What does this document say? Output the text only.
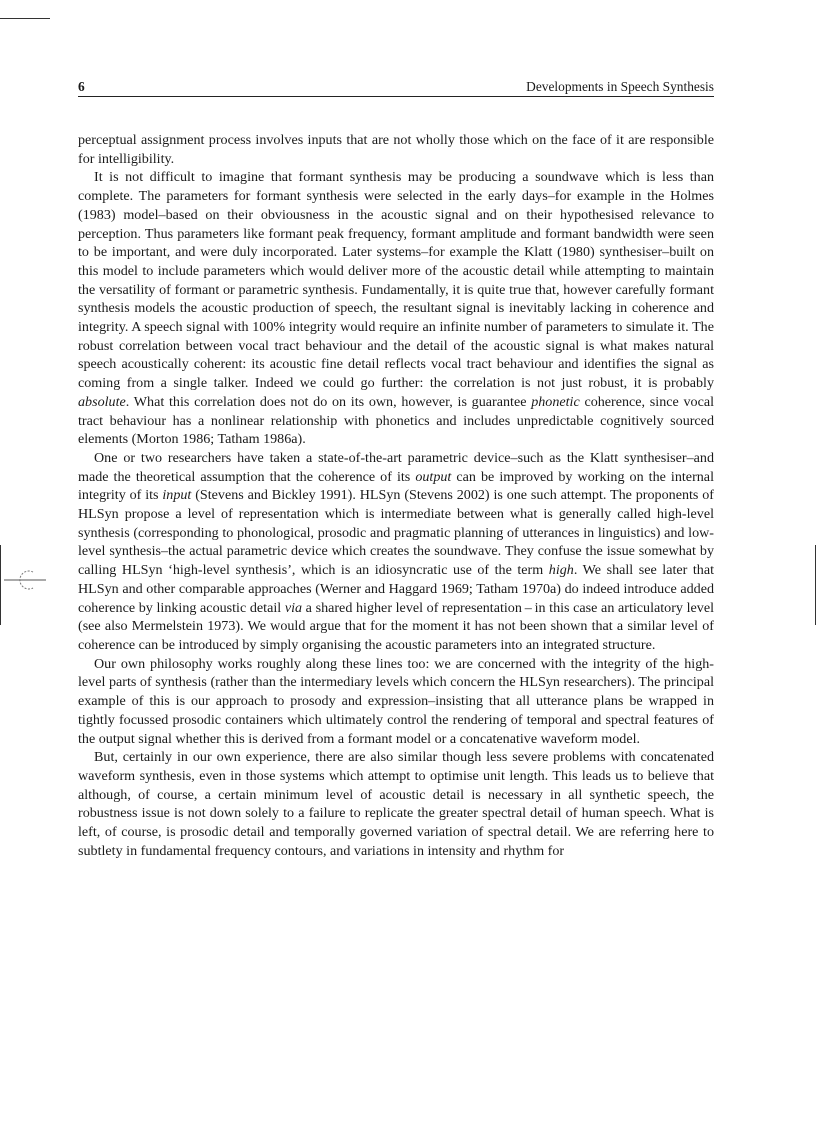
6	Developments in Speech Synthesis

perceptual assignment process involves inputs that are not wholly those which on the face of it are responsible for intelligibility.

It is not difficult to imagine that formant synthesis may be producing a soundwave which is less than complete. The parameters for formant synthesis were selected in the early days–for example in the Holmes (1983) model–based on their obviousness in the acoustic signal and on their hypothesised relevance to perception. Thus parameters like formant peak frequency, formant amplitude and formant bandwidth were seen to be important, and were duly incorporated. Later systems–for example the Klatt (1980) synthesiser–built on this model to include parameters which would deliver more of the acoustic detail while attempting to maintain the versatility of formant or parametric synthesis. Fundamentally, it is quite true that, however carefully formant synthesis models the acoustic production of speech, the resultant signal is inevitably lacking in coherence and integrity. A speech signal with 100% integrity would require an infinite number of parameters to simulate it. The robust correlation between vocal tract behaviour and the detail of the acoustic signal is what makes natural speech acoustically coherent: its acoustic fine detail reflects vocal tract behaviour and identifies the signal as coming from a single talker. Indeed we could go further: the correlation is not just robust, it is probably absolute. What this correlation does not do on its own, however, is guarantee phonetic coherence, since vocal tract behaviour has a nonlinear relationship with phonetics and includes unpredictable cognitively sourced elements (Morton 1986; Tatham 1986a).

One or two researchers have taken a state-of-the-art parametric device–such as the Klatt synthesiser–and made the theoretical assumption that the coherence of its output can be improved by working on the internal integrity of its input (Stevens and Bickley 1991). HLSyn (Stevens 2002) is one such attempt. The proponents of HLSyn propose a level of representation which is intermediate between what is generally called high-level synthesis (corresponding to phonological, prosodic and pragmatic planning of utterances in linguistics) and low-level synthesis–the actual parametric device which creates the soundwave. They confuse the issue somewhat by calling HLSyn ‘high-level synthesis’, which is an idiosyncratic use of the term high. We shall see later that HLSyn and other comparable approaches (Werner and Haggard 1969; Tatham 1970a) do indeed introduce added coherence by linking acoustic detail via a shared higher level of representation – in this case an articulatory level (see also Mermelstein 1973). We would argue that for the moment it has not been shown that a similar level of coherence can be introduced by simply organising the acoustic parameters into an integrated structure.

Our own philosophy works roughly along these lines too: we are concerned with the integrity of the high-level parts of synthesis (rather than the intermediary levels which concern the HLSyn researchers). The principal example of this is our approach to prosody and expression–insisting that all utterance plans be wrapped in tightly focussed prosodic containers which ultimately control the rendering of temporal and spectral features of the output signal whether this is derived from a formant model or a concatenative waveform model.

But, certainly in our own experience, there are also similar though less severe problems with concatenated waveform synthesis, even in those systems which attempt to optimise unit length. This leads us to believe that although, of course, a certain minimum level of acoustic detail is necessary in all synthetic speech, the robustness issue is not down solely to a failure to replicate the greater spectral detail of human speech. What is left, of course, is prosodic detail and temporally governed variation of spectral detail. We are referring here to subtlety in fundamental frequency contours, and variations in intensity and rhythm for
